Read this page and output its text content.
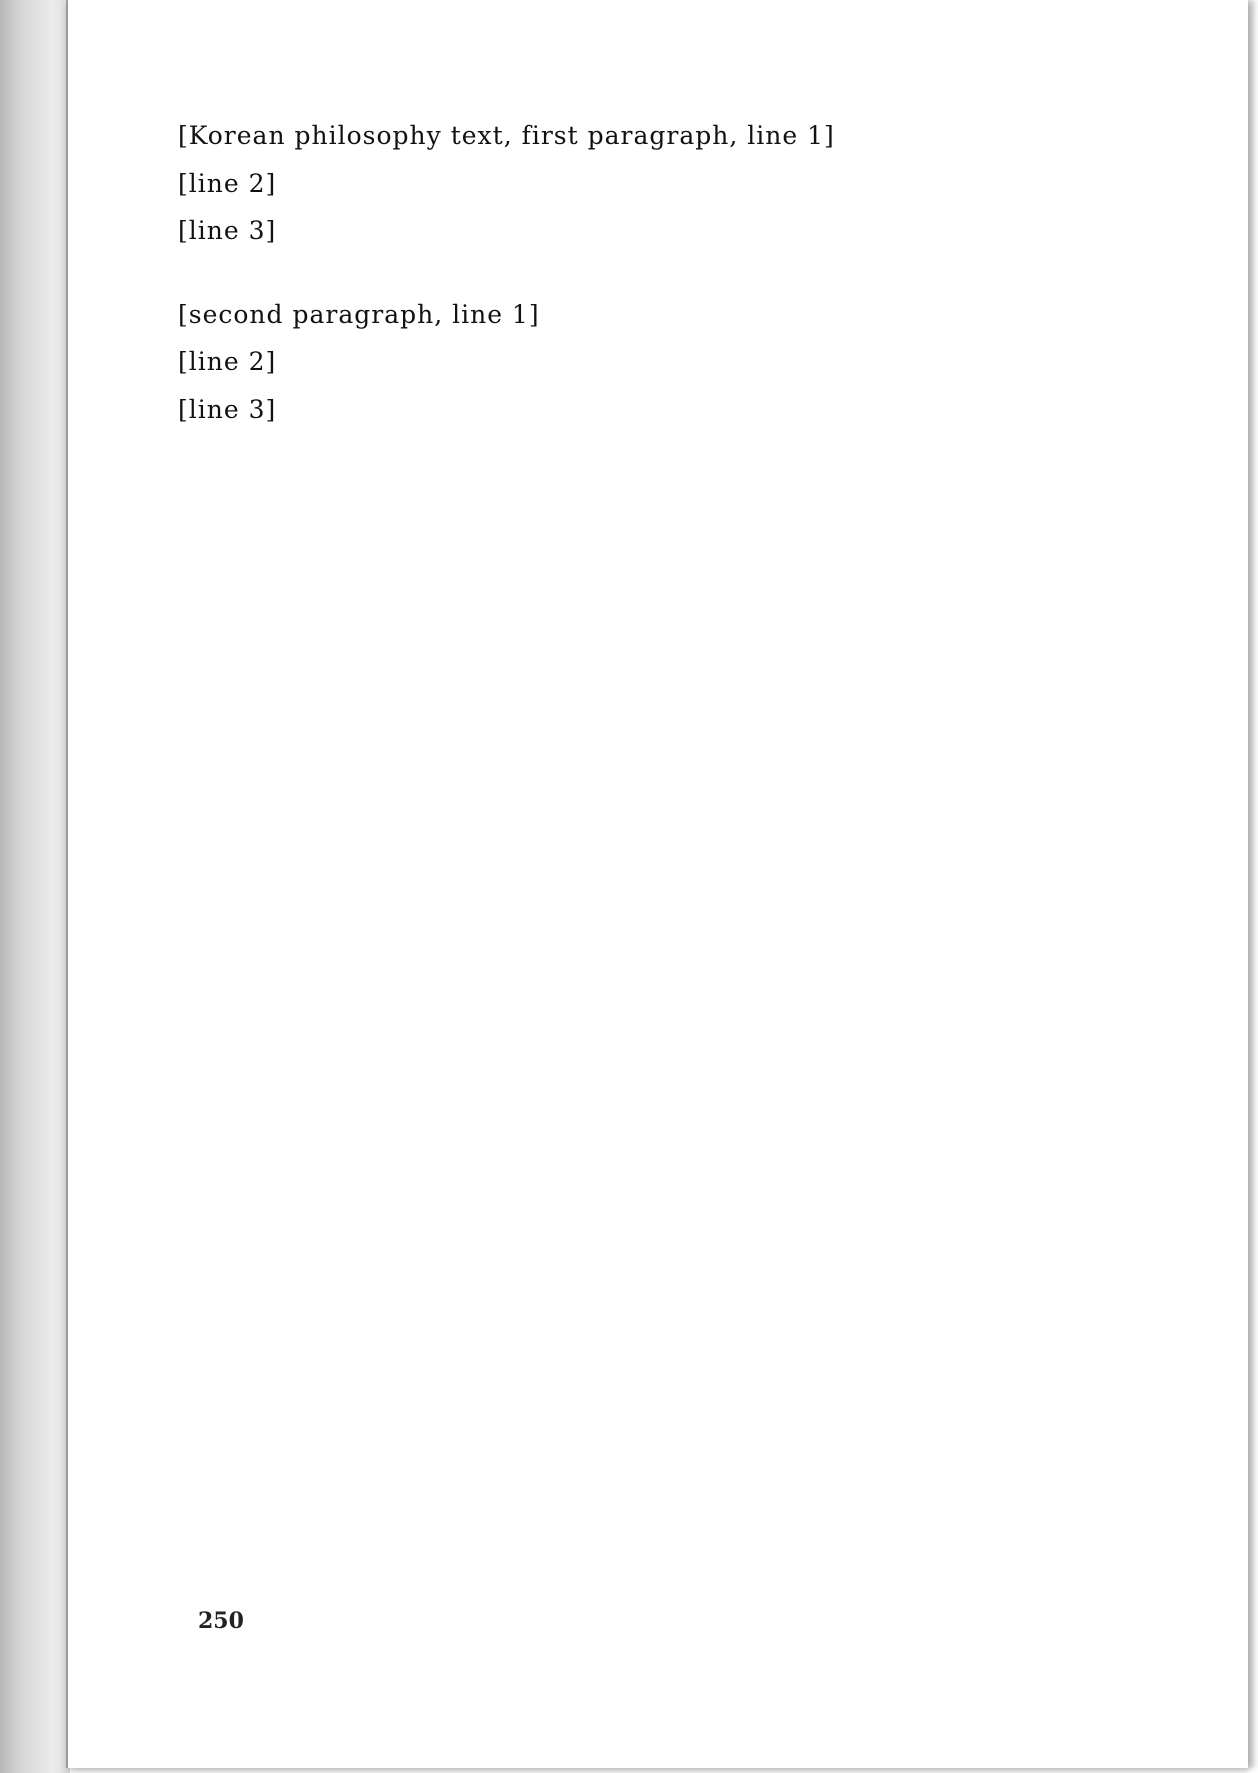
[Korean philosophy text, first paragraph, line 1]
[line 2]
[line 3]
[second paragraph, line 1]
[line 2]
[line 3]
250
